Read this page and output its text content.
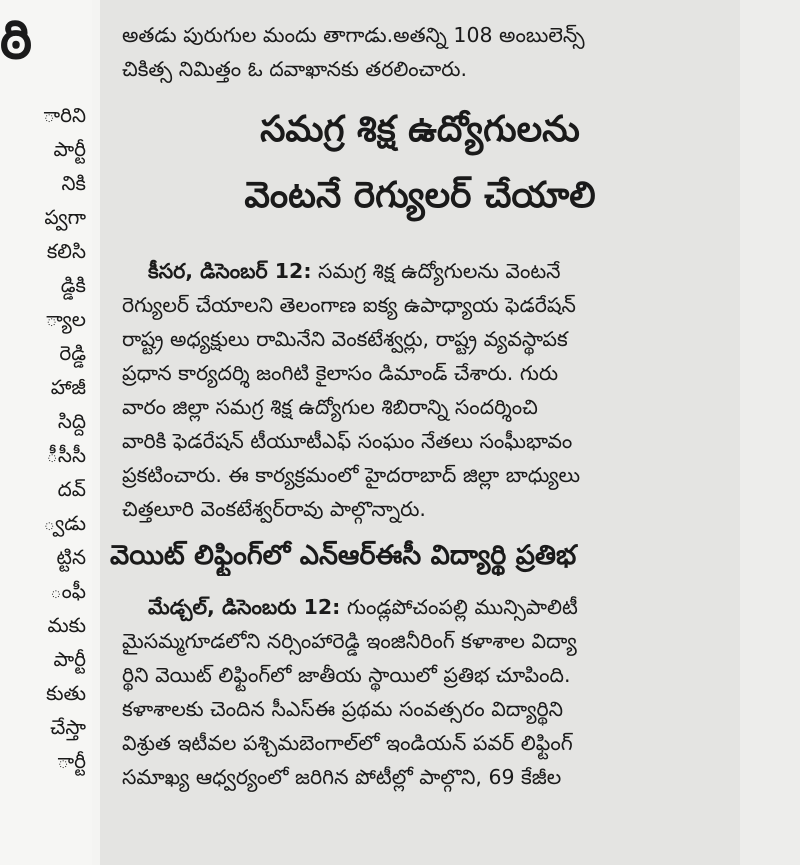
ఠి
ారిని
పార్టీ
నికి
ప్వగా
కలిసి
డ్డికి
్యాల
రెడ్డి
హాజీ
సిద్ది
ీసీసీ
దవ్
్వడు
ట్టిన
ంఫీ
మకు
పార్టీ
కుతు
చేస్తా
ార్టీ
అతడు పురుగుల మందు తాగాడు.అతన్ని 108 అంబులెన్స్
చికిత్స నిమిత్తం ఓ దవాఖానకు తరలించారు.
సమగ్ర శిక్ష ఉద్యోగులను
వెంటనే రెగ్యులర్ చేయాలి
కీసర, డిసెంబర్ 12: సమగ్ర శిక్ష ఉద్యోగులను వెంటనే
రెగ్యులర్ చేయాలని తెలంగాణ ఐక్య ఉపాధ్యాయ ఫెడరేషన్
రాష్ట్ర అధ్యక్షులు రామినేని వెంకటేశ్వర్లు, రాష్ట్ర వ్యవస్థాపక
ప్రధాన కార్యదర్శి జంగిటి కైలాసం డిమాండ్ చేశారు. గురు
వారం జిల్లా సమగ్ర శిక్ష ఉద్యోగుల శిబిరాన్ని సందర్శించి
వారికి ఫెడరేషన్ టీయూటీఎఫ్ సంఘం నేతలు సంఘీభావం
ప్రకటించారు. ఈ కార్యక్రమంలో హైదరాబాద్ జిల్లా బాధ్యులు
చిత్తలూరి వెంకటేశ్వర్‌రావు పాల్గొన్నారు.
వెయిట్ లిఫ్టింగ్‌లో ఎన్ఆర్ఈసీ విద్యార్థి ప్రతిభ
మేడ్చల్, డిసెంబరు 12: గుండ్లపోచంపల్లి మున్సిపాలిటీ
మైసమ్మగూడలోని నర్సింహారెడ్డి ఇంజినీరింగ్ కళాశాల విద్యా
ర్థిని వెయిట్ లిఫ్టింగ్‌లో జాతీయ స్థాయిలో ప్రతిభ చూపింది.
కళాశాలకు చెందిన సీఎస్ఈ ప్రథమ సంవత్సరం విద్యార్థిని
విశ్రుత ఇటీవల పశ్చిమబెంగాల్‌లో ఇండియన్ పవర్ లిఫ్టింగ్
సమాఖ్య ఆధ్వర్యంలో జరిగిన పోటీల్లో పాల్గొని, 69 కేజీల
